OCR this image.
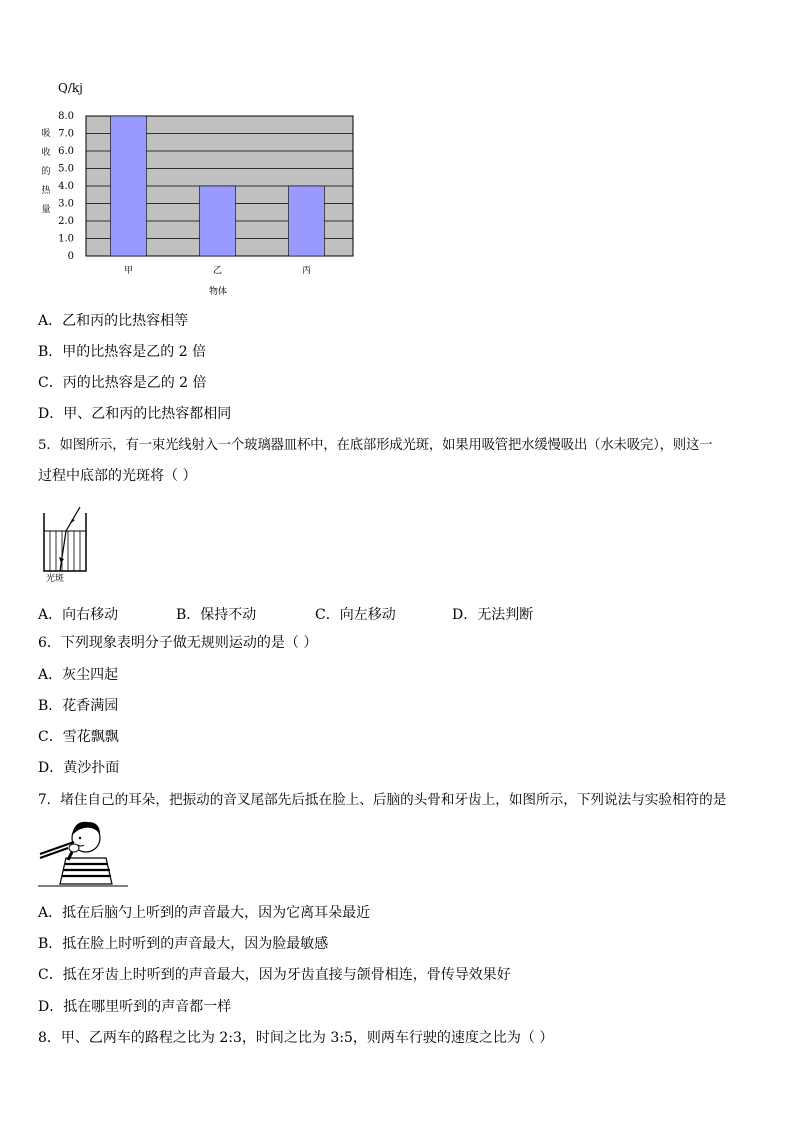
Q/kj
吸
收
的
热
量
8.0
7.0
6.0
5.0
4.0
3.0
2.0
1.0
0
甲	乙	丙
物体
A．乙和丙的比热容相等
B．甲的比热容是乙的 2 倍
C．丙的比热容是乙的 2 倍
D．甲、乙和丙的比热容都相同
5．如图所示，有一束光线射入一个玻璃器皿杯中，在底部形成光斑，如果用吸管把水缓慢吸出（水未吸完），则这一
过程中底部的光斑将（ ）
光斑
A．向右移动	B．保持不动	C．向左移动	D．无法判断
6．下列现象表明分子做无规则运动的是（ ）
A．灰尘四起
B．花香满园
C．雪花飘飘
D．黄沙扑面
7．堵住自己的耳朵，把振动的音叉尾部先后抵在脸上、后脑的头骨和牙齿上，如图所示，下列说法与实验相符的是
A．抵在后脑勺上听到的声音最大，因为它离耳朵最近
B．抵在脸上时听到的声音最大，因为脸最敏感
C．抵在牙齿上时听到的声音最大，因为牙齿直接与颌骨相连，骨传导效果好
D．抵在哪里听到的声音都一样
8．甲、乙两车的路程之比为 2:3，时间之比为 3:5，则两车行驶的速度之比为（ ）
